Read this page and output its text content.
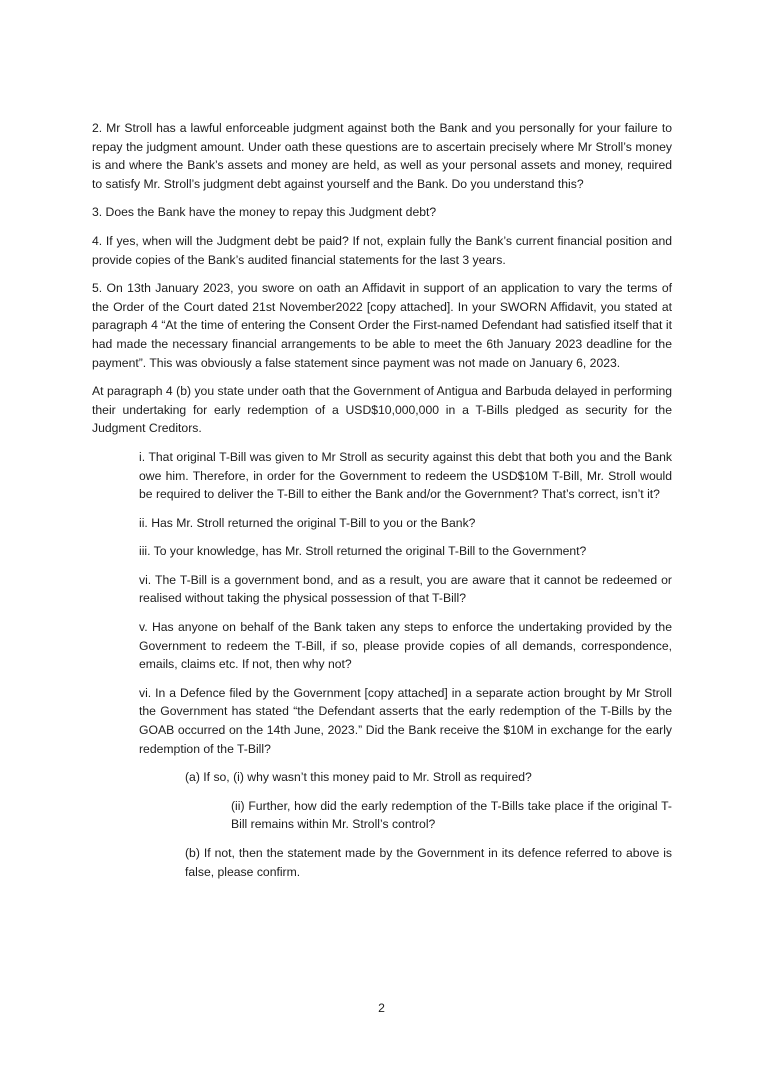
2. Mr Stroll has a lawful enforceable judgment against both the Bank and you personally for your failure to repay the judgment amount. Under oath these questions are to ascertain precisely where Mr Stroll’s money is and where the Bank’s assets and money are held, as well as your personal assets and money, required to satisfy Mr. Stroll’s judgment debt against yourself and the Bank. Do you understand this?

3. Does the Bank have the money to repay this Judgment debt?

4. If yes, when will the Judgment debt be paid? If not, explain fully the Bank’s current financial position and provide copies of the Bank’s audited financial statements for the last 3 years.

5. On 13th January 2023, you swore on oath an Affidavit in support of an application to vary the terms of the Order of the Court dated 21st November2022 [copy attached]. In your SWORN Affidavit, you stated at paragraph 4 “At the time of entering the Consent Order the First-named Defendant had satisfied itself that it had made the necessary financial arrangements to be able to meet the 6th January 2023 deadline for the payment”. This was obviously a false statement since payment was not made on January 6, 2023.

At paragraph 4 (b) you state under oath that the Government of Antigua and Barbuda delayed in performing their undertaking for early redemption of a USD$10,000,000 in a T-Bills pledged as security for the Judgment Creditors.

i. That original T-Bill was given to Mr Stroll as security against this debt that both you and the Bank owe him. Therefore, in order for the Government to redeem the USD$10M T-Bill, Mr. Stroll would be required to deliver the T-Bill to either the Bank and/or the Government? That’s correct, isn’t it?

ii. Has Mr. Stroll returned the original T-Bill to you or the Bank?

iii. To your knowledge, has Mr. Stroll returned the original T-Bill to the Government?

vi. The T-Bill is a government bond, and as a result, you are aware that it cannot be redeemed or realised without taking the physical possession of that T-Bill?

v. Has anyone on behalf of the Bank taken any steps to enforce the undertaking provided by the Government to redeem the T-Bill, if so, please provide copies of all demands, correspondence, emails, claims etc. If not, then why not?

vi. In a Defence filed by the Government [copy attached] in a separate action brought by Mr Stroll the Government has stated “the Defendant asserts that the early redemption of the T-Bills by the GOAB occurred on the 14th June, 2023.” Did the Bank receive the $10M in exchange for the early redemption of the T-Bill?

(a) If so, (i) why wasn’t this money paid to Mr. Stroll as required?

(ii) Further, how did the early redemption of the T-Bills take place if the original T-Bill remains within Mr. Stroll’s control?

(b) If not, then the statement made by the Government in its defence referred to above is false, please confirm.

2
